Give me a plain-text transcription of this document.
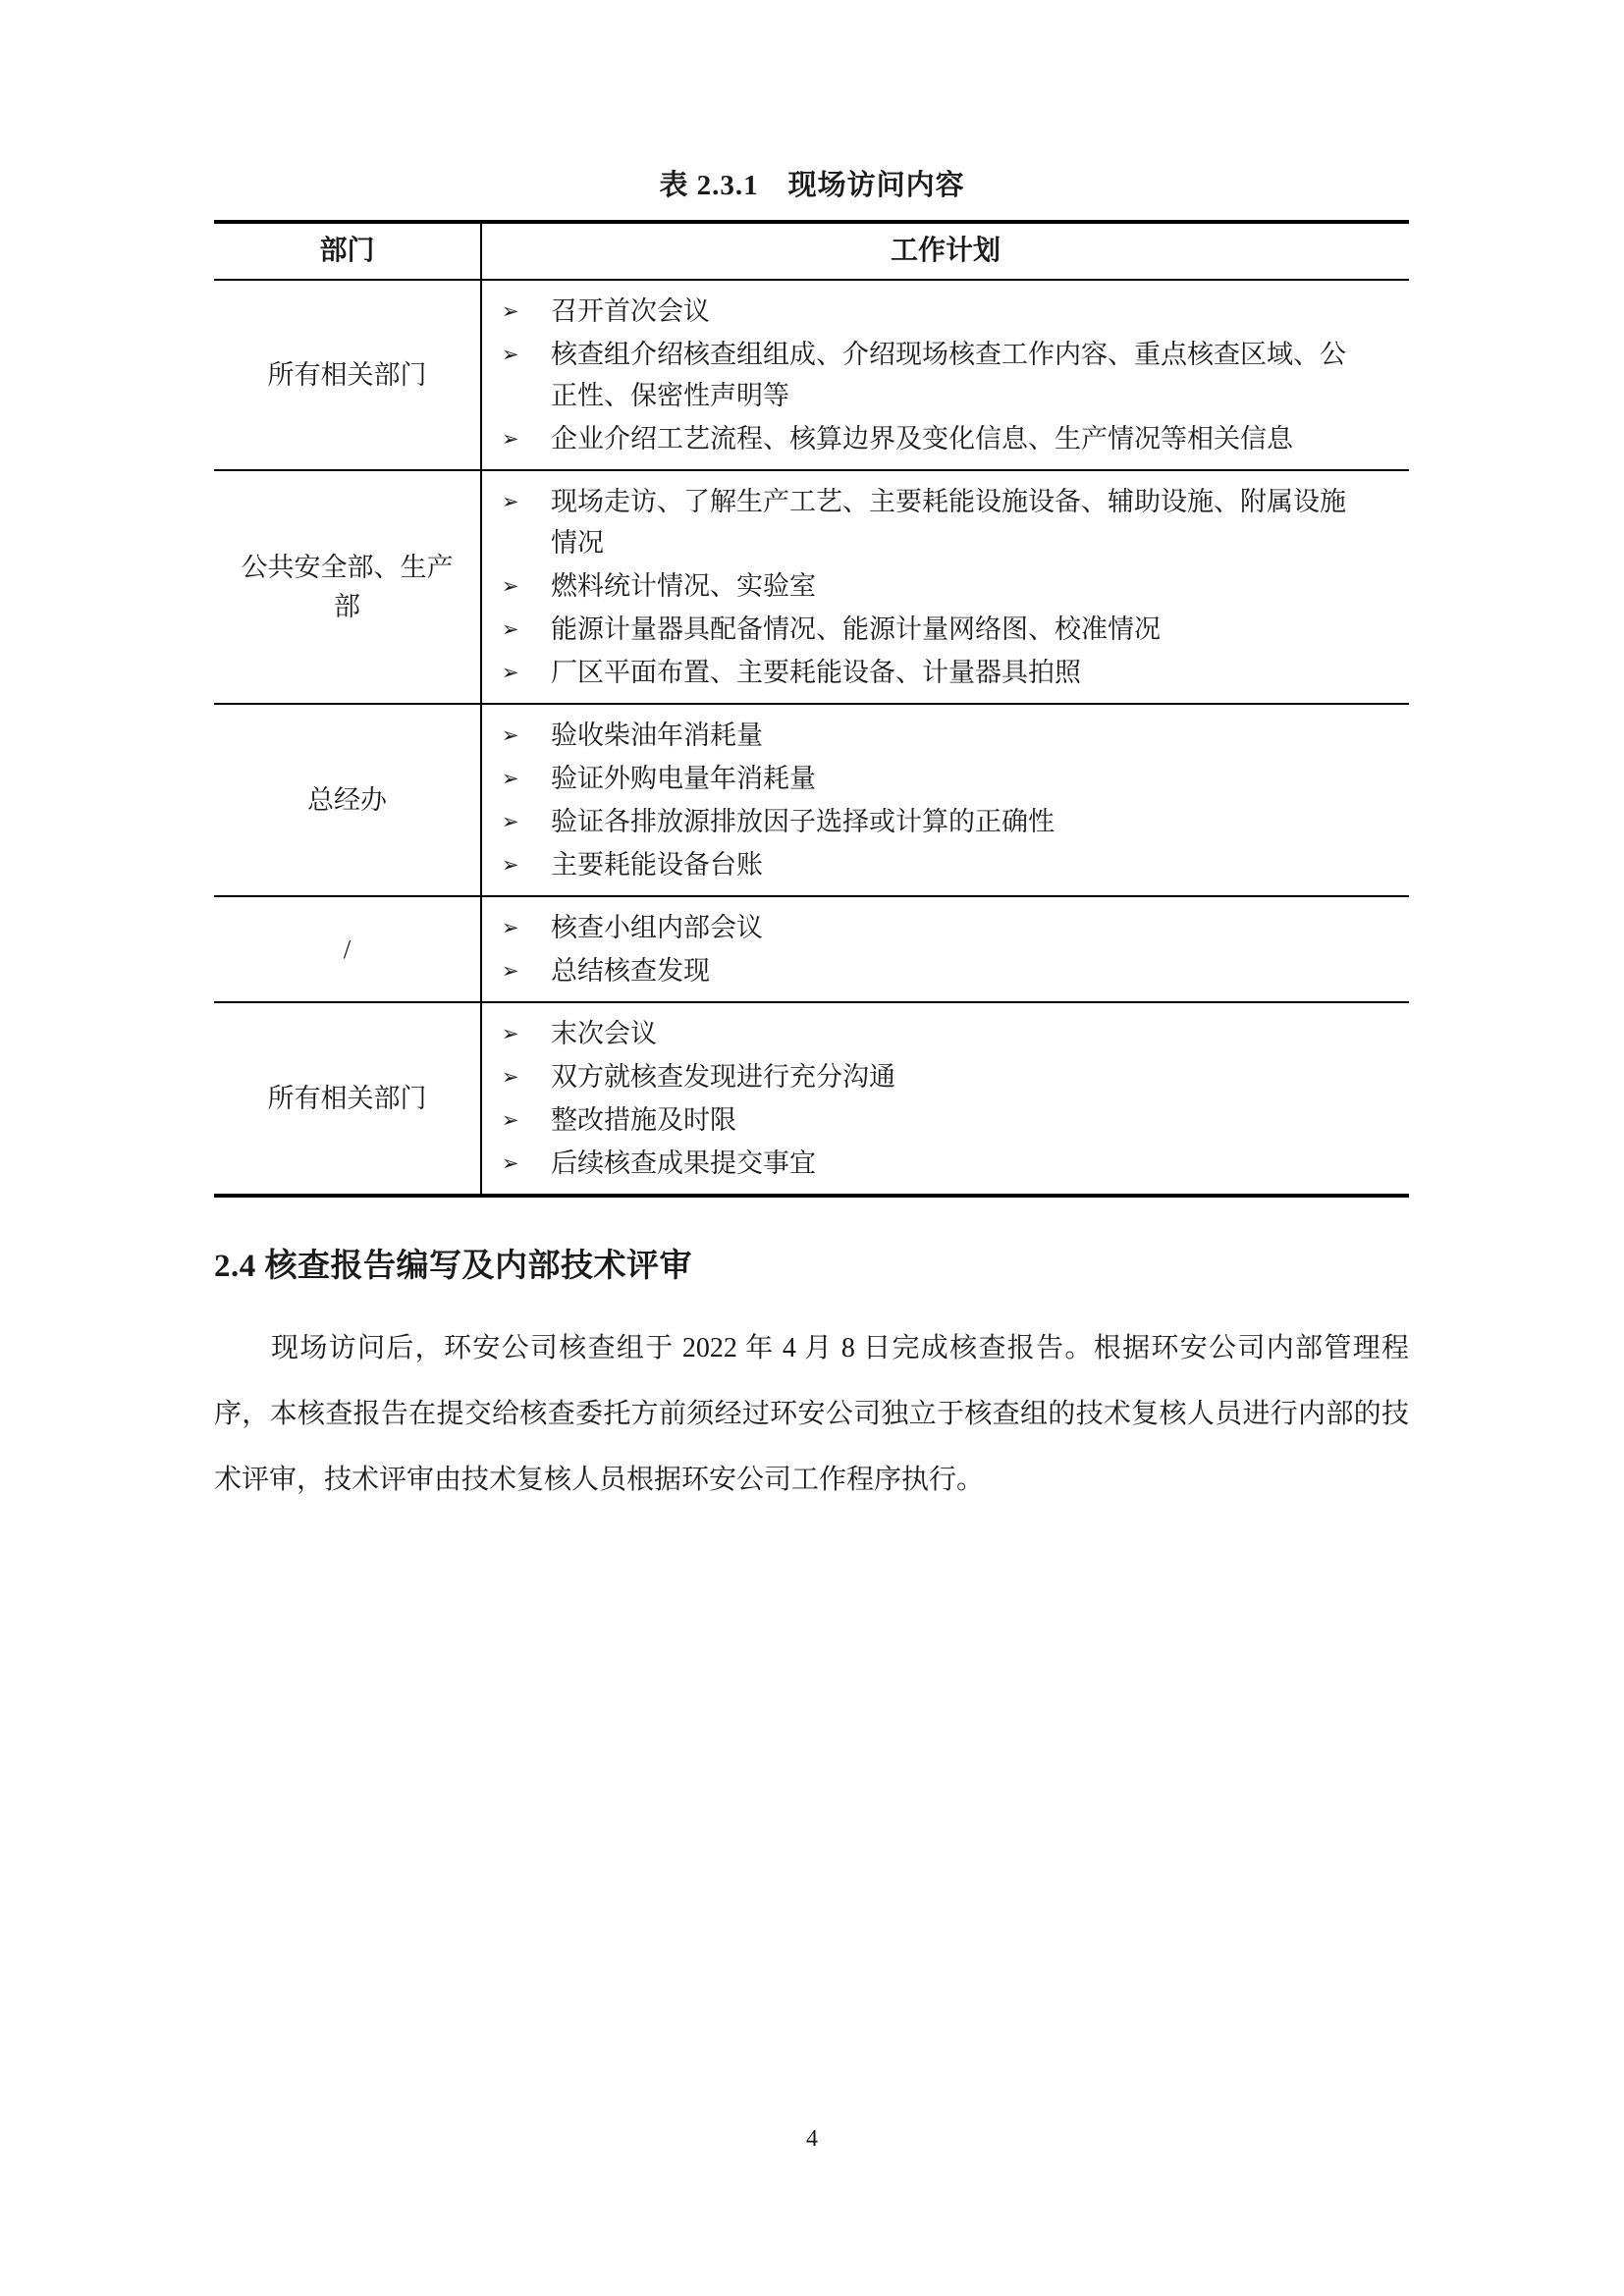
表 2.3.1　现场访问内容
部门	工作计划
所有相关部门	
➢	召开首次会议
➢	核查组介绍核查组组成、介绍现场核查工作内容、重点核查区域、公正性、保密性声明等
➢	企业介绍工艺流程、核算边界及变化信息、生产情况等相关信息

公共安全部、生产部	
➢	现场走访、了解生产工艺、主要耗能设施设备、辅助设施、附属设施情况
➢	燃料统计情况、实验室
➢	能源计量器具配备情况、能源计量网络图、校准情况
➢	厂区平面布置、主要耗能设备、计量器具拍照

总经办	
➢	验收柴油年消耗量
➢	验证外购电量年消耗量
➢	验证各排放源排放因子选择或计算的正确性
➢	主要耗能设备台账

/	
➢	核查小组内部会议
➢	总结核查发现

所有相关部门	
➢	末次会议
➢	双方就核查发现进行充分沟通
➢	整改措施及时限
➢	后续核查成果提交事宜
2.4 核查报告编写及内部技术评审
现场访问后，环安公司核查组于 2022 年 4 月 8 日完成核查报告。根据环安公司内部管理程序，本核查报告在提交给核查委托方前须经过环安公司独立于核查组的技术复核人员进行内部的技术评审，技术评审由技术复核人员根据环安公司工作程序执行。
4
